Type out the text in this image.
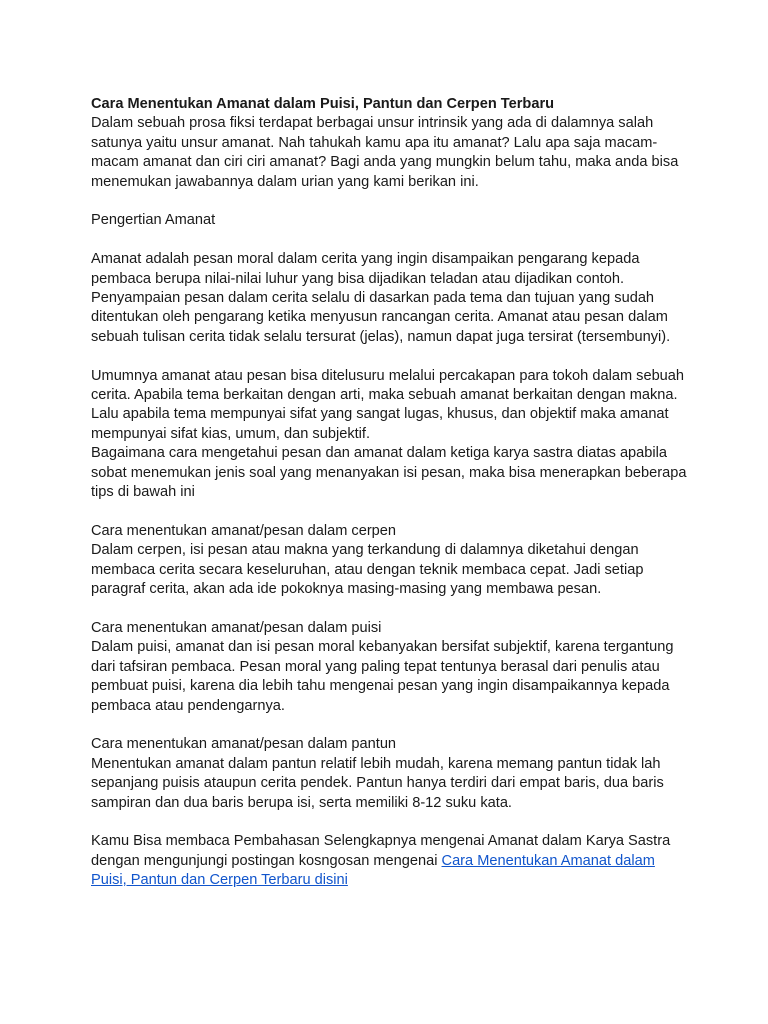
Cara Menentukan Amanat dalam Puisi, Pantun dan Cerpen Terbaru

Dalam sebuah prosa fiksi terdapat berbagai unsur intrinsik yang ada di dalamnya salah satunya yaitu unsur amanat. Nah tahukah kamu apa itu amanat? Lalu apa saja macam-macam amanat dan ciri ciri amanat? Bagi anda yang mungkin belum tahu, maka anda bisa menemukan jawabannya dalam urian yang kami berikan ini.

Pengertian Amanat

Amanat adalah pesan moral dalam cerita yang ingin disampaikan pengarang kepada pembaca berupa nilai-nilai luhur yang bisa dijadikan teladan atau dijadikan contoh. Penyampaian pesan dalam cerita selalu di dasarkan pada tema dan tujuan yang sudah ditentukan oleh pengarang ketika menyusun rancangan cerita. Amanat atau pesan dalam sebuah tulisan cerita tidak selalu tersurat (jelas), namun dapat juga tersirat (tersembunyi).

Umumnya amanat atau pesan bisa ditelusuru melalui percakapan para tokoh dalam sebuah cerita. Apabila tema berkaitan dengan arti, maka sebuah amanat berkaitan dengan makna. Lalu apabila tema mempunyai sifat yang sangat lugas, khusus, dan objektif maka amanat mempunyai sifat kias, umum, dan subjektif.

Bagaimana cara mengetahui pesan dan amanat dalam ketiga karya sastra diatas apabila sobat menemukan jenis soal yang menanyakan isi pesan, maka bisa menerapkan beberapa tips di bawah ini

Cara menentukan amanat/pesan dalam cerpen

Dalam cerpen, isi pesan atau makna yang terkandung di dalamnya diketahui dengan membaca cerita secara keseluruhan, atau dengan teknik membaca cepat. Jadi setiap paragraf cerita, akan ada ide pokoknya masing-masing yang membawa pesan.

Cara menentukan amanat/pesan dalam puisi

Dalam puisi, amanat dan isi pesan moral kebanyakan bersifat subjektif, karena tergantung dari tafsiran pembaca. Pesan moral yang paling tepat tentunya berasal dari penulis atau pembuat puisi, karena dia lebih tahu mengenai pesan yang ingin disampaikannya kepada pembaca atau pendengarnya.

Cara menentukan amanat/pesan dalam pantun

Menentukan amanat dalam pantun relatif lebih mudah, karena memang pantun tidak lah sepanjang puisis ataupun cerita pendek. Pantun hanya terdiri dari empat baris, dua baris sampiran dan dua baris berupa isi, serta memiliki 8-12 suku kata.

Kamu Bisa membaca Pembahasan Selengkapnya mengenai Amanat dalam Karya Sastra dengan mengunjungi postingan kosngosan mengenai Cara Menentukan Amanat dalam Puisi, Pantun dan Cerpen Terbaru disini
